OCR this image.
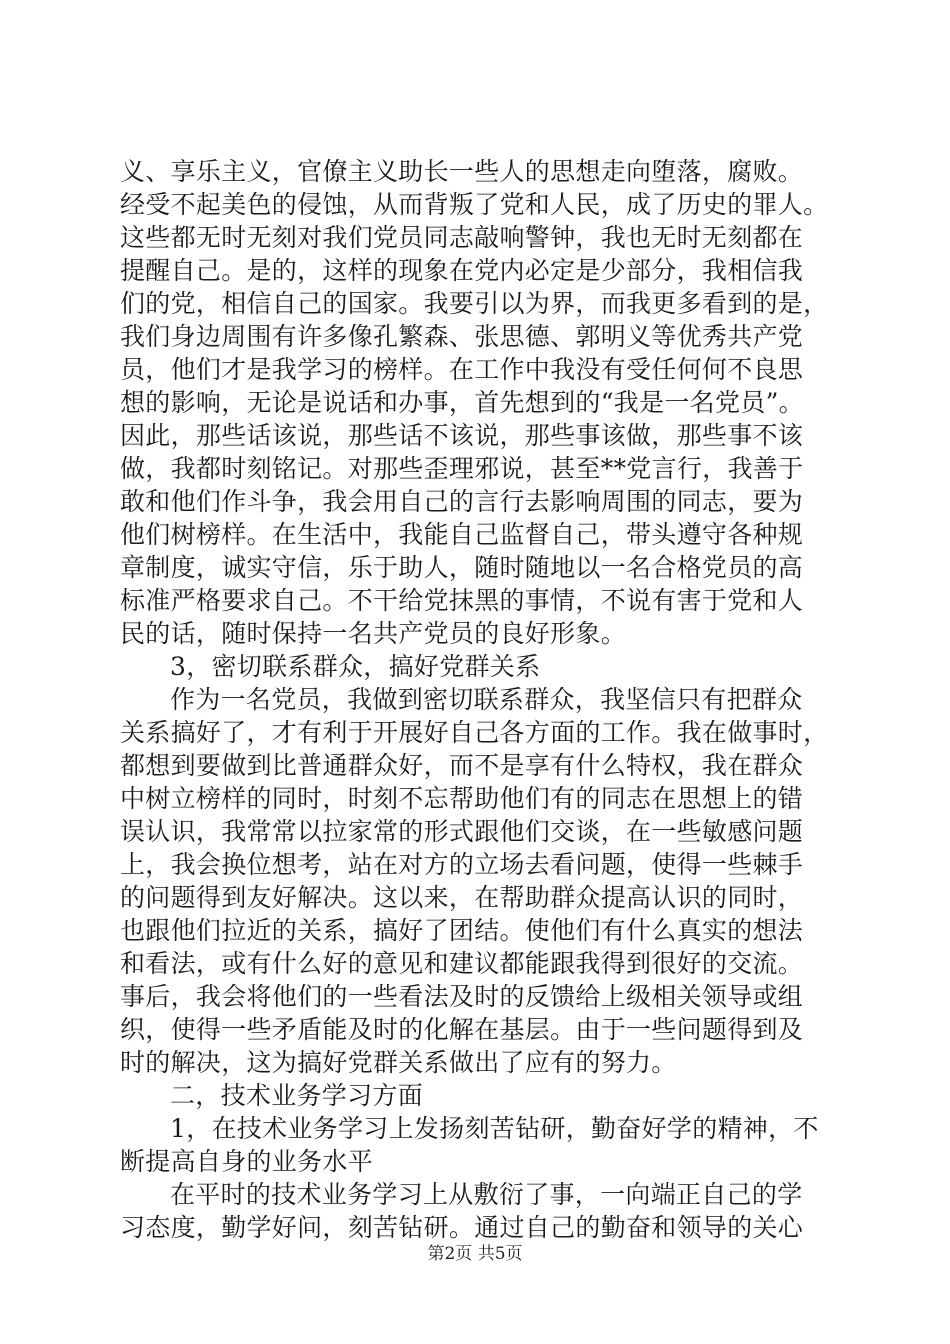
义、享乐主义，官僚主义助长一些人的思想走向堕落，腐败。
经受不起美色的侵蚀，从而背叛了党和人民，成了历史的罪人。
这些都无时无刻对我们党员同志敲响警钟，我也无时无刻都在
提醒自己。是的，这样的现象在党内必定是少部分，我相信我
们的党，相信自己的国家。我要引以为界，而我更多看到的是，
我们身边周围有许多像孔繁森、张思德、郭明义等优秀共产党
员，他们才是我学习的榜样。在工作中我没有受任何何不良思
想的影响，无论是说话和办事，首先想到的“我是一名党员”。
因此，那些话该说，那些话不该说，那些事该做，那些事不该
做，我都时刻铭记。对那些歪理邪说，甚至**党言行，我善于
敢和他们作斗争，我会用自己的言行去影响周围的同志，要为
他们树榜样。在生活中，我能自己监督自己，带头遵守各种规
章制度，诚实守信，乐于助人，随时随地以一名合格党员的高
标准严格要求自己。不干给党抹黑的事情，不说有害于党和人
民的话，随时保持一名共产党员的良好形象。
3，密切联系群众，搞好党群关系
作为一名党员，我做到密切联系群众，我坚信只有把群众
关系搞好了，才有利于开展好自己各方面的工作。我在做事时，
都想到要做到比普通群众好，而不是享有什么特权，我在群众
中树立榜样的同时，时刻不忘帮助他们有的同志在思想上的错
误认识，我常常以拉家常的形式跟他们交谈，在一些敏感问题
上，我会换位想考，站在对方的立场去看问题，使得一些棘手
的问题得到友好解决。这以来，在帮助群众提高认识的同时，
也跟他们拉近的关系，搞好了团结。使他们有什么真实的想法
和看法，或有什么好的意见和建议都能跟我得到很好的交流。
事后，我会将他们的一些看法及时的反馈给上级相关领导或组
织，使得一些矛盾能及时的化解在基层。由于一些问题得到及
时的解决，这为搞好党群关系做出了应有的努力。
二，技术业务学习方面
1，在技术业务学习上发扬刻苦钻研，勤奋好学的精神，不
断提高自身的业务水平
在平时的技术业务学习上从敷衍了事，一向端正自己的学
习态度，勤学好问，刻苦钻研。通过自己的勤奋和领导的关心
第2页 共5页
